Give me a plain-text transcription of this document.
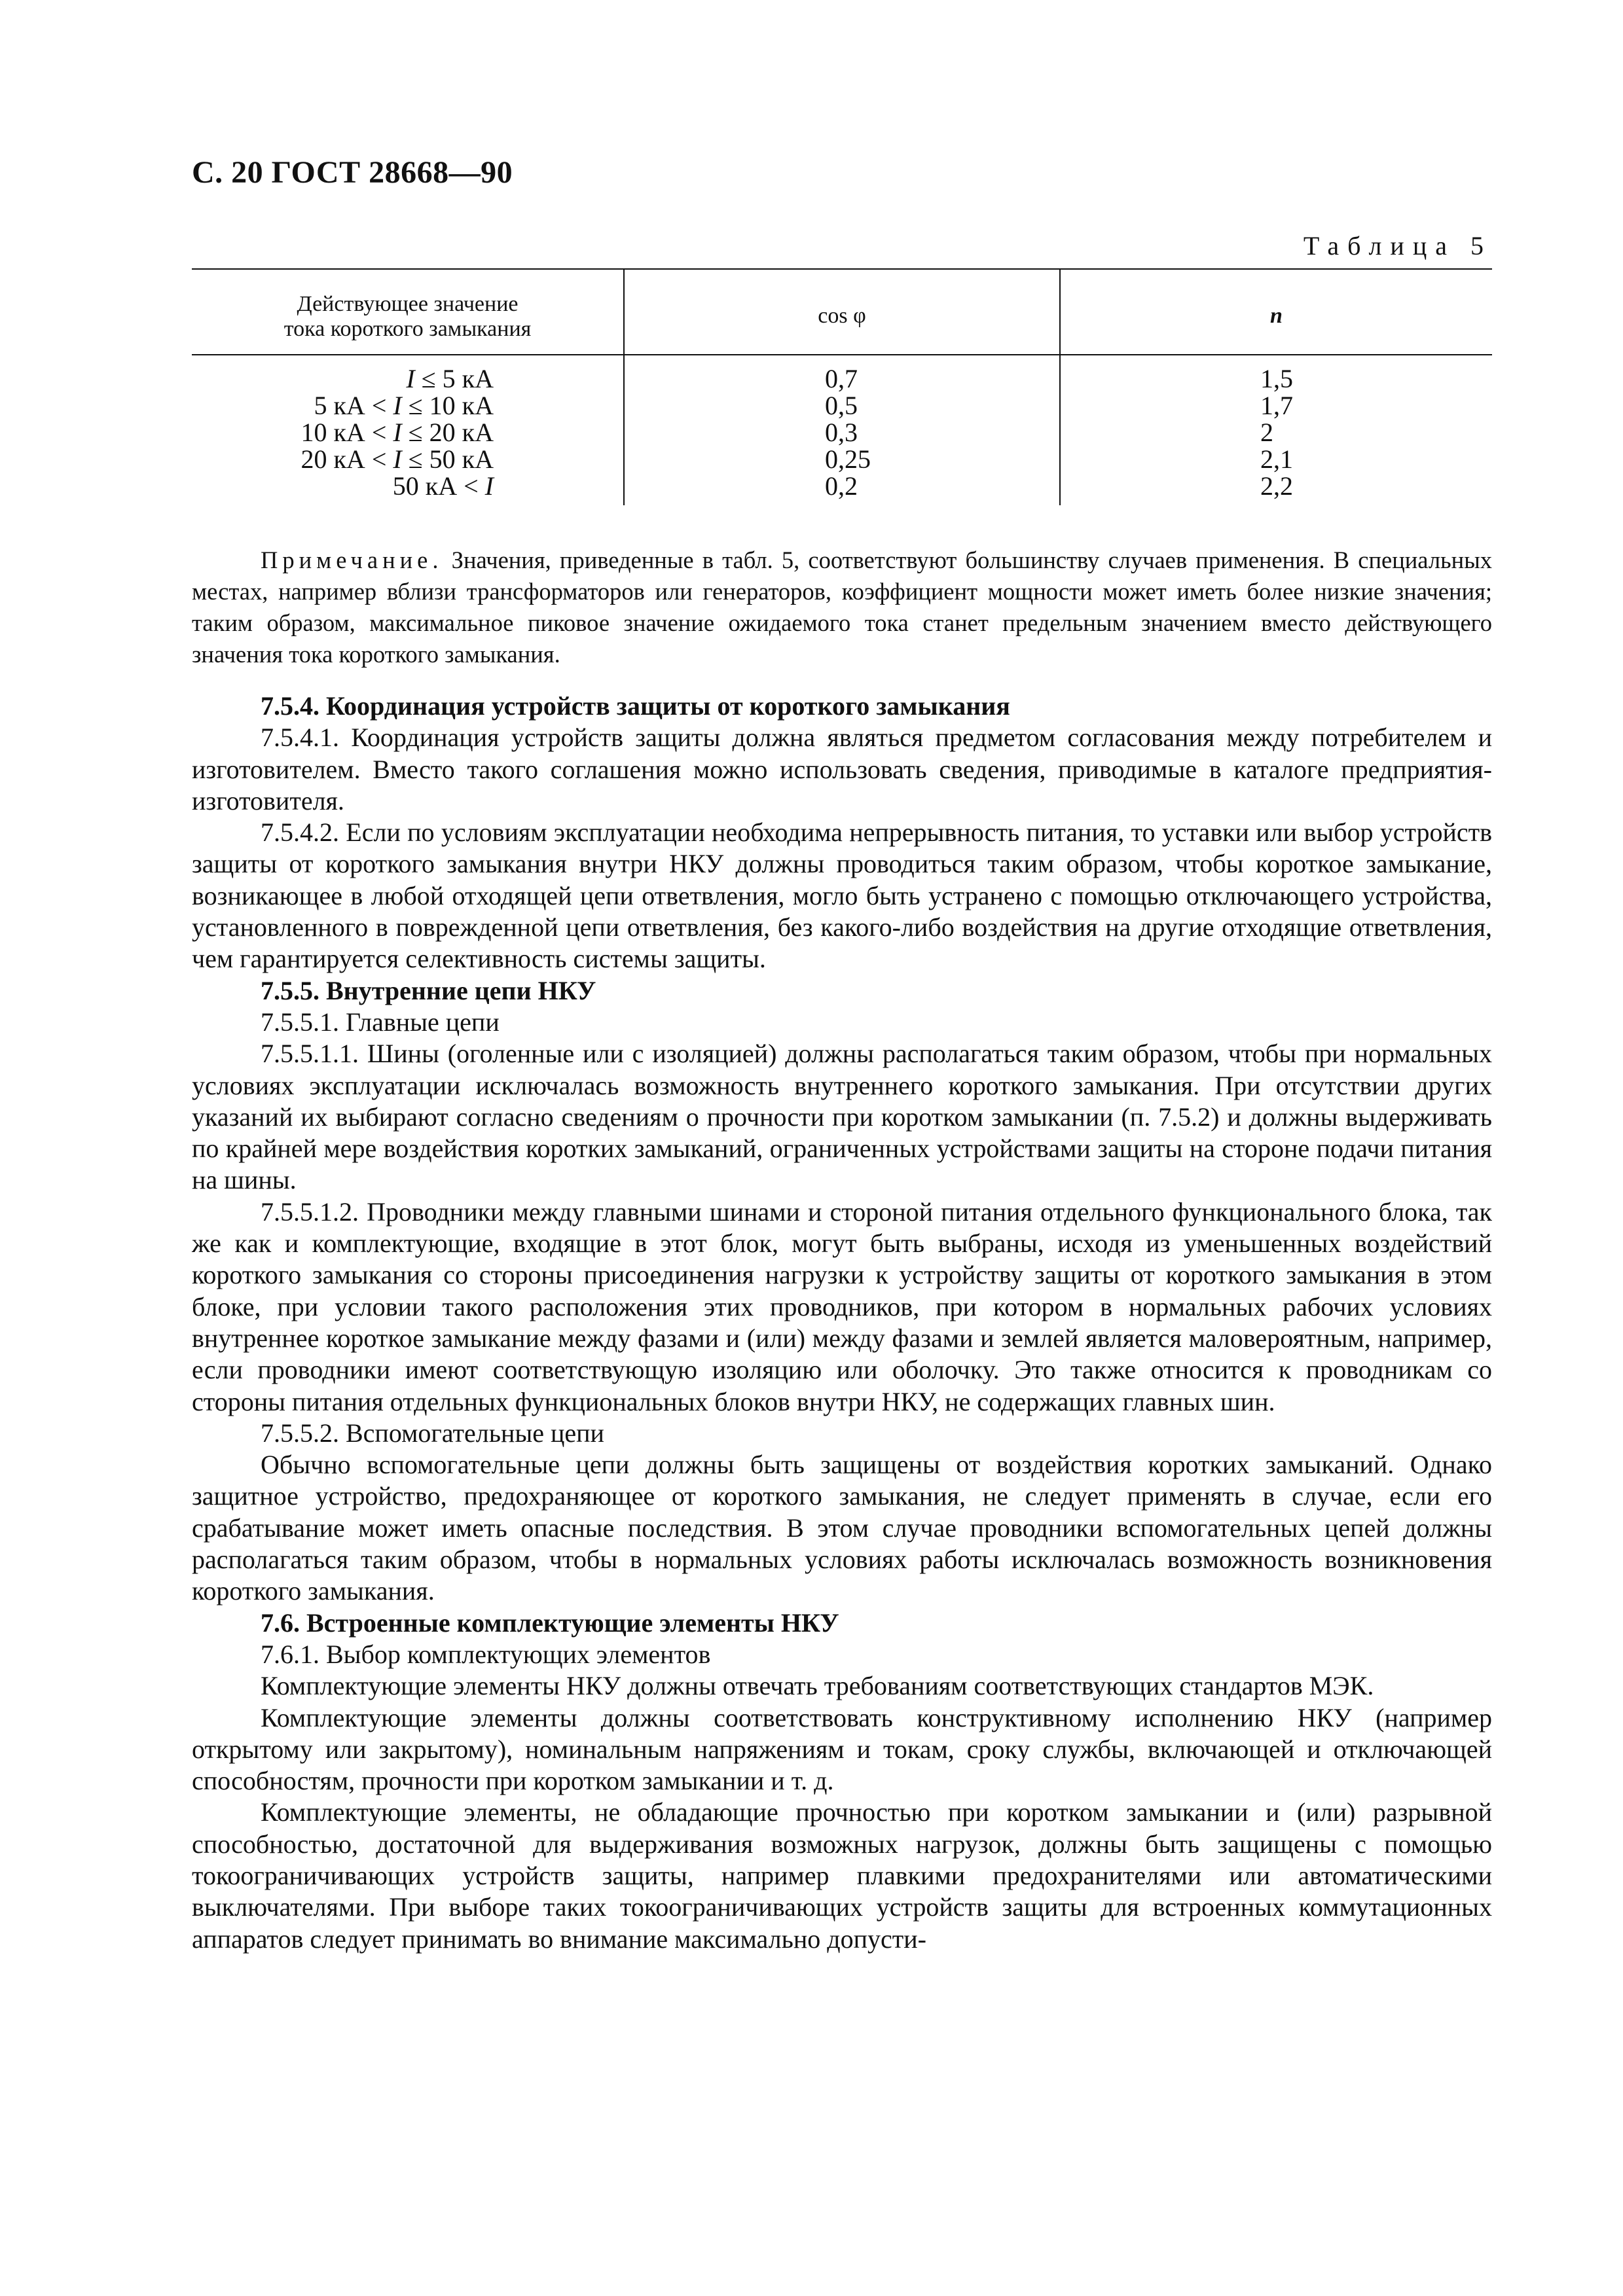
С. 20 ГОСТ 28668—90
Таблица 5
Действующее значение
тока короткого замыкания
cos φ	n
I ≤ 5 кА
5 кА < I ≤ 10 кА
10 кА < I ≤ 20 кА
20 кА < I ≤ 50 кА
50 кА < I
0,7
0,5
0,3
0,25
0,2
1,5
1,7
2
2,1
2,2
Примечание. Значения, приведенные в табл. 5, соответствуют большинству случаев применения. В специальных местах, например вблизи трансформаторов или генераторов, коэффициент мощности может иметь более низкие значения; таким образом, максимальное пиковое значение ожидаемого тока станет предельным значением вместо действующего значения тока короткого замыкания.

7.5.4. Координация устройств защиты от короткого замыкания

7.5.4.1. Координация устройств защиты должна являться предметом согласования между потребителем и изготовителем. Вместо такого соглашения можно использовать сведения, приводимые в каталоге предприятия-изготовителя.

7.5.4.2. Если по условиям эксплуатации необходима непрерывность питания, то уставки или выбор устройств защиты от короткого замыкания внутри НКУ должны проводиться таким образом, чтобы короткое замыкание, возникающее в любой отходящей цепи ответвления, могло быть устранено с помощью отключающего устройства, установленного в поврежденной цепи ответвления, без какого-либо воздействия на другие отходящие ответвления, чем гарантируется селективность системы защиты.

7.5.5. Внутренние цепи НКУ

7.5.5.1. Главные цепи

7.5.5.1.1. Шины (оголенные или с изоляцией) должны располагаться таким образом, чтобы при нормальных условиях эксплуатации исключалась возможность внутреннего короткого замыкания. При отсутствии других указаний их выбирают согласно сведениям о прочности при коротком замыкании (п. 7.5.2) и должны выдерживать по крайней мере воздействия коротких замыканий, ограниченных устройствами защиты на стороне подачи питания на шины.

7.5.5.1.2. Проводники между главными шинами и стороной питания отдельного функционального блока, так же как и комплектующие, входящие в этот блок, могут быть выбраны, исходя из уменьшенных воздействий короткого замыкания со стороны присоединения нагрузки к устройству защиты от короткого замыкания в этом блоке, при условии такого расположения этих проводников, при котором в нормальных рабочих условиях внутреннее короткое замыкание между фазами и (или) между фазами и землей является маловероятным, например, если проводники имеют соответствующую изоляцию или оболочку. Это также относится к проводникам со стороны питания отдельных функциональных блоков внутри НКУ, не содержащих главных шин.

7.5.5.2. Вспомогательные цепи

Обычно вспомогательные цепи должны быть защищены от воздействия коротких замыканий. Однако защитное устройство, предохраняющее от короткого замыкания, не следует применять в случае, если его срабатывание может иметь опасные последствия. В этом случае проводники вспомогательных цепей должны располагаться таким образом, чтобы в нормальных условиях работы исключалась возможность возникновения короткого замыкания.

7.6. Встроенные комплектующие элементы НКУ

7.6.1. Выбор комплектующих элементов

Комплектующие элементы НКУ должны отвечать требованиям соответствующих стандартов МЭК.

Комплектующие элементы должны соответствовать конструктивному исполнению НКУ (например открытому или закрытому), номинальным напряжениям и токам, сроку службы, включающей и отключающей способностям, прочности при коротком замыкании и т. д.

Комплектующие элементы, не обладающие прочностью при коротком замыкании и (или) разрывной способностью, достаточной для выдерживания возможных нагрузок, должны быть защищены с помощью токоограничивающих устройств защиты, например плавкими предохранителями или автоматическими выключателями. При выборе таких токоограничивающих устройств защиты для встроенных коммутационных аппаратов следует принимать во внимание максимально допусти-
